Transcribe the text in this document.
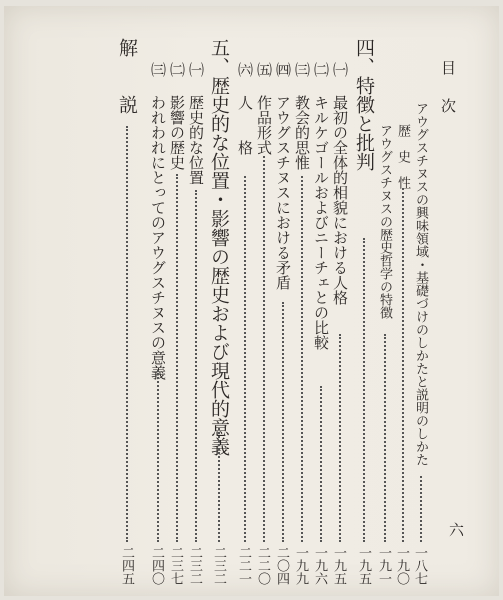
目　次
六
アウグスチヌスの興味領域・基礎づけのしかたと説明のしかた
一八七
歴　史　性
一九〇
アウグスチヌスの歴史哲学の特徴
一九一
四、特徴と批判
一九五
㈠ 最初の全体的相貌における人格
一九五
㈡ キルケゴールおよびニーチェとの比較
一九六
㈢ 教会的思惟
一九九
㈣ アウグスチヌスにおける矛盾
二〇四
㈤ 作品形式
二二〇
㈥ 人　　格
二二一
五、歴史的な位置・影響の歴史および現代的意義
二三二
㈠ 歴史的な位置
二三二
㈡ 影響の歴史
二三七
㈢ われわれにとってのアウグスチヌスの意義
二四〇
解　　説
二四五
